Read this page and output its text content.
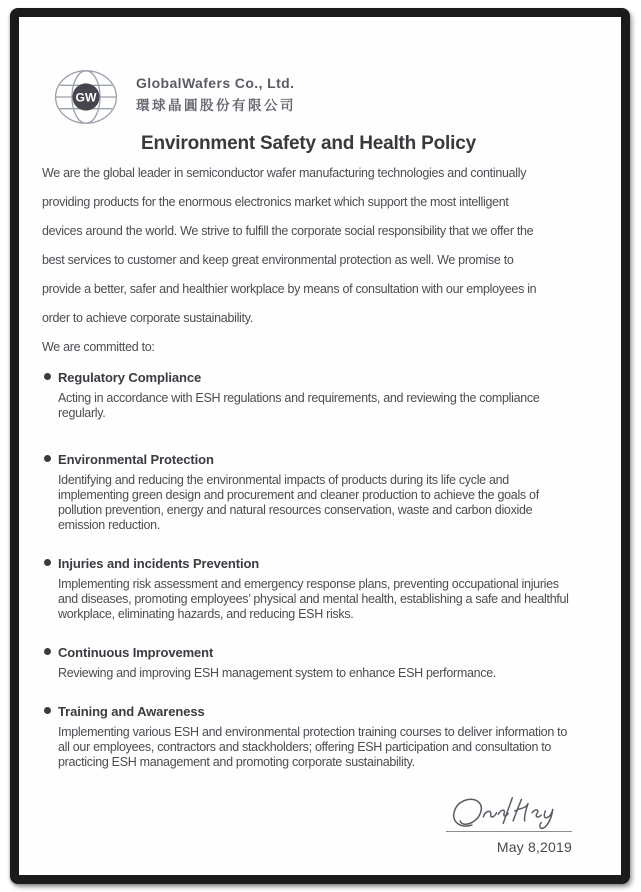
GW
GlobalWafers Co., Ltd.
環球晶圓股份有限公司
Environment Safety and Health Policy
We are the global leader in semiconductor wafer manufacturing technologies and continually
providing products for the enormous electronics market which support the most intelligent
devices around the world. We strive to fulfill the corporate social responsibility that we offer the
best services to customer and keep great environmental protection as well. We promise to
provide a better, safer and healthier workplace by means of consultation with our employees in
order to achieve corporate sustainability.
We are committed to:
Regulatory Compliance

Acting in accordance with ESH regulations and requirements, and reviewing the compliance regularly.

Environmental Protection

Identifying and reducing the environmental impacts of products during its life cycle and implementing green design and procurement and cleaner production to achieve the goals of pollution prevention, energy and natural resources conservation, waste and carbon dioxide emission reduction.

Injuries and incidents Prevention

Implementing risk assessment and emergency response plans, preventing occupational injuries and diseases, promoting employees’ physical and mental health, establishing a safe and healthful workplace, eliminating hazards, and reducing ESH risks.

Continuous Improvement

Reviewing and improving ESH management system to enhance ESH performance.

Training and Awareness

Implementing various ESH and environmental protection training courses to deliver information to all our employees, contractors and stackholders; offering ESH participation and consultation to practicing ESH management and promoting corporate sustainability.

May 8,2019
